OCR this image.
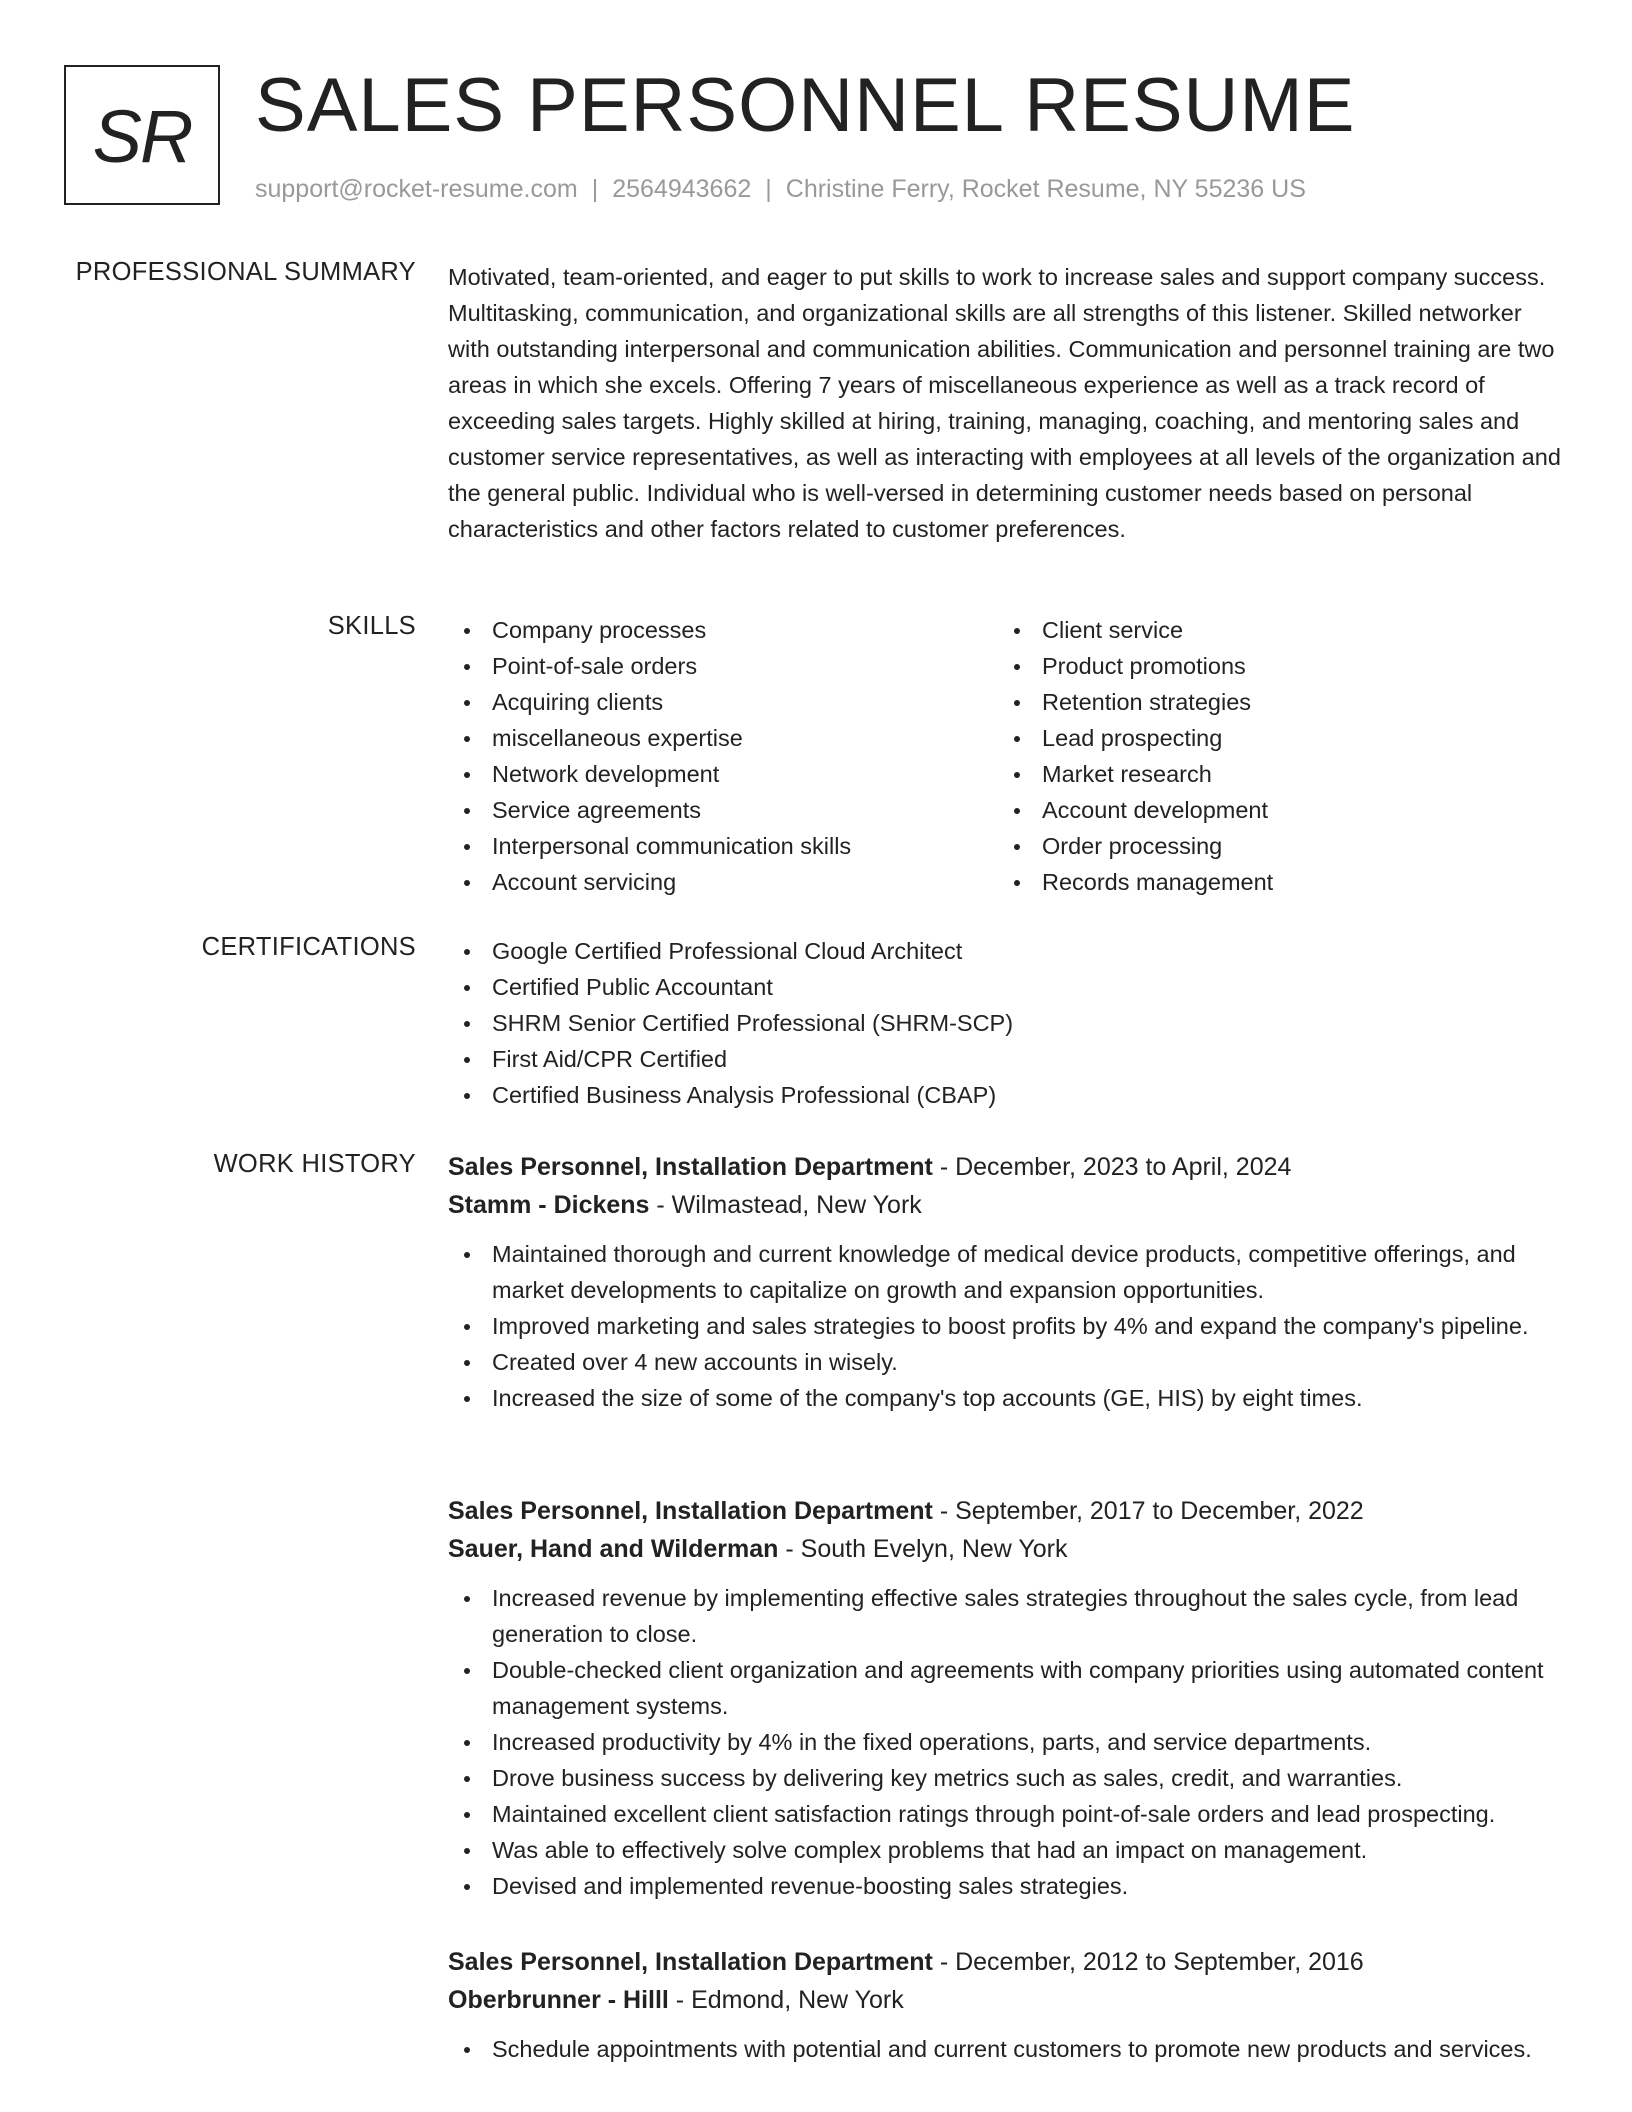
SR SALES PERSONNEL RESUME
support@rocket-resume.com | 2564943662 | Christine Ferry, Rocket Resume, NY 55236 US
PROFESSIONAL SUMMARY Motivated, team-oriented, and eager to put skills to work to increase sales and support company success. Multitasking, communication, and organizational skills are all strengths of this listener. Skilled networker with outstanding interpersonal and communication abilities. Communication and personnel training are two areas in which she excels. Offering 7 years of miscellaneous experience as well as a track record of exceeding sales targets. Highly skilled at hiring, training, managing, coaching, and mentoring sales and customer service representatives, as well as interacting with employees at all levels of the organization and the general public. Individual who is well-versed in determining customer needs based on personal characteristics and other factors related to customer preferences.

SKILLS	Company processes
Point-of-sale orders
Acquiring clients
miscellaneous expertise
Network development
Service agreements
Interpersonal communication skills
Account servicing
Client service
Product promotions
Retention strategies
Lead prospecting
Market research
Account development
Order processing
Records management
CERTIFICATIONS	Google Certified Professional Cloud Architect
Certified Public Accountant
SHRM Senior Certified Professional (SHRM-SCP)
First Aid/CPR Certified
Certified Business Analysis Professional (CBAP)
WORK HISTORY Sales Personnel, Installation Department - December, 2023 to April, 2024
Stamm - Dickens - Wilmastead, New York
Maintained thorough and current knowledge of medical device products, competitive offerings, and market developments to capitalize on growth and expansion opportunities.
Improved marketing and sales strategies to boost profits by 4% and expand the company's pipeline.
Created over 4 new accounts in wisely.
Increased the size of some of the company's top accounts (GE, HIS) by eight times.
Sales Personnel, Installation Department - September, 2017 to December, 2022
Sauer, Hand and Wilderman - South Evelyn, New York
Increased revenue by implementing effective sales strategies throughout the sales cycle, from lead generation to close.
Double-checked client organization and agreements with company priorities using automated content management systems.
Increased productivity by 4% in the fixed operations, parts, and service departments.
Drove business success by delivering key metrics such as sales, credit, and warranties.
Maintained excellent client satisfaction ratings through point-of-sale orders and lead prospecting.
Was able to effectively solve complex problems that had an impact on management.
Devised and implemented revenue-boosting sales strategies.
Sales Personnel, Installation Department - December, 2012 to September, 2016
Oberbrunner - Hilll - Edmond, New York
Schedule appointments with potential and current customers to promote new products and services.
